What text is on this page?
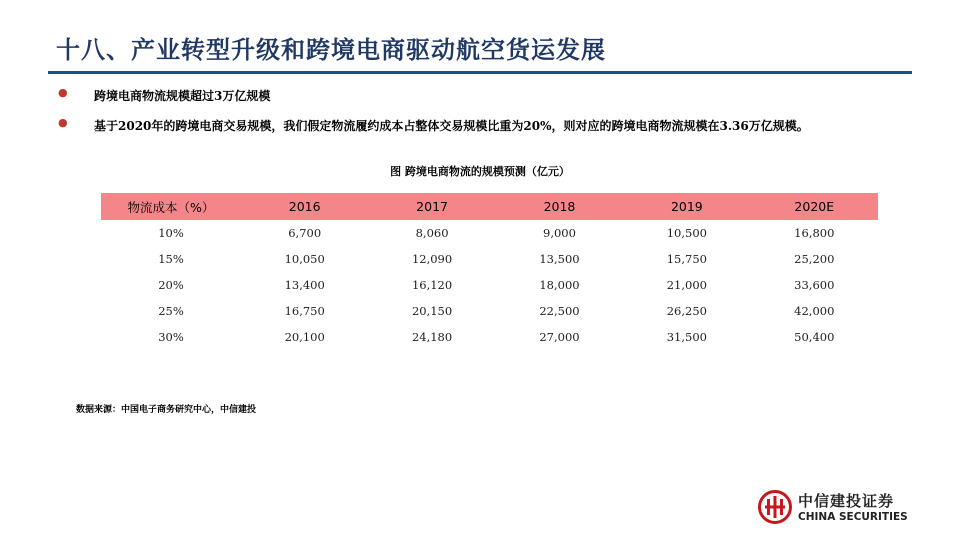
十八、产业转型升级和跨境电商驱动航空货运发展
● 跨境电商物流规模超过3万亿规模
● 基于2020年的跨境电商交易规模，我们假定物流履约成本占整体交易规模比重为20%，则对应的跨境电商物流规模在3.36万亿规模。
图 跨境电商物流的规模预测（亿元）
物流成本（%）	2016	2017	2018	2019	2020E
10%	6,700	8,060	9,000	10,500	16,800
15%	10,050	12,090	13,500	15,750	25,200
20%	13,400	16,120	18,000	21,000	33,600
25%	16,750	20,150	22,500	26,250	42,000
30%	20,100	24,180	27,000	31,500	50,400
数据来源：中国电子商务研究中心，中信建投
中信建投证券
CHINA SECURITIES
